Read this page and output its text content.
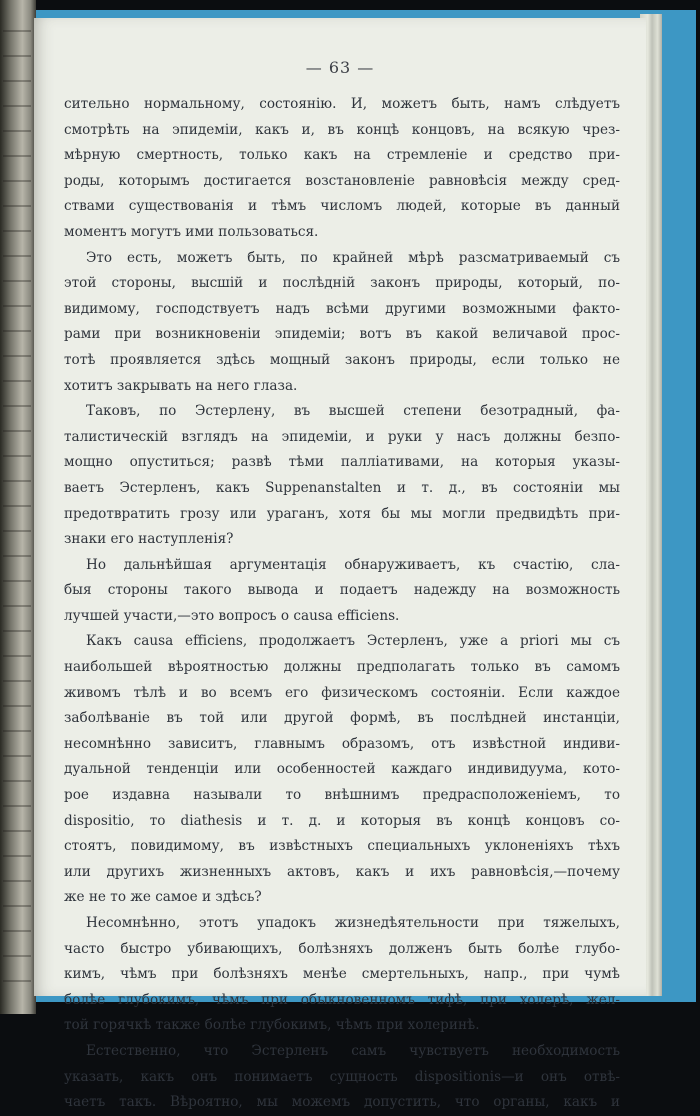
— 63 —
сительно нормальному, состоянію. И, можетъ быть, намъ слѣдуетъ
смотрѣть на эпидеміи, какъ и, въ концѣ концовъ, на всякую чрез-
мѣрную смертность, только какъ на стремленіе и средство при-
роды, которымъ достигается возстановленіе равновѣсія между сред-
ствами существованія и тѣмъ числомъ людей, которые въ данный
моментъ могутъ ими пользоваться.
Это есть, можетъ быть, по крайней мѣрѣ разсматриваемый съ
этой стороны, высшій и послѣдній законъ природы, который, по-
видимому, господствуетъ надъ всѣми другими возможными факто-
рами при возникновеніи эпидеміи; вотъ въ какой величавой прос-
тотѣ проявляется здѣсь мощный законъ природы, если только не
хотитъ закрывать на него глаза.
Таковъ, по Эстерлену, въ высшей степени безотрадный, фа-
талистическій взглядъ на эпидеміи, и руки у насъ должны безпо-
мощно опуститься; развѣ тѣми палліативами, на которыя указы-
ваетъ Эстерленъ, какъ Suppenanstalten и т. д., въ состояніи мы
предотвратить грозу или ураганъ, хотя бы мы могли предвидѣть при-
знаки его наступленія?
Но дальнѣйшая аргументація обнаруживаетъ, къ счастію, сла-
быя стороны такого вывода и подаетъ надежду на возможность
лучшей участи,—это вопросъ о causa efficiens.
Какъ causa efficiens, продолжаетъ Эстерленъ, уже a priori мы съ
наибольшей вѣроятностью должны предполагать только въ самомъ
живомъ тѣлѣ и во всемъ его физическомъ состояніи. Если каждое
заболѣваніе въ той или другой формѣ, въ послѣдней инстанціи,
несомнѣнно зависитъ, главнымъ образомъ, отъ извѣстной индиви-
дуальной тенденціи или особенностей каждаго индивидуума, кото-
рое издавна называли то внѣшнимъ предрасположеніемъ, то
dispositio, то diathesis и т. д. и которыя въ концѣ концовъ со-
стоятъ, повидимому, въ извѣстныхъ специальныхъ уклоненіяхъ тѣхъ
или другихъ жизненныхъ актовъ, какъ и ихъ равновѣсія,—почему
же не то же самое и здѣсь?
Несомнѣнно, этотъ упадокъ жизнедѣятельности при тяжелыхъ,
часто быстро убивающихъ, болѣзняхъ долженъ быть болѣе глубо-
кимъ, чѣмъ при болѣзняхъ менѣе смертельныхъ, напр., при чумѣ
болѣе глубокимъ, чѣмъ при обыкновенномъ тифѣ, при холерѣ, жел-
той горячкѣ также болѣе глубокимъ, чѣмъ при холеринѣ.
Естественно, что Эстерленъ самъ чувствуетъ необходимость
указать, какъ онъ понимаетъ сущность dispositionis—и онъ отвѣ-
чаетъ такъ. Вѣроятно, мы можемъ допустить, что органы, какъ и
